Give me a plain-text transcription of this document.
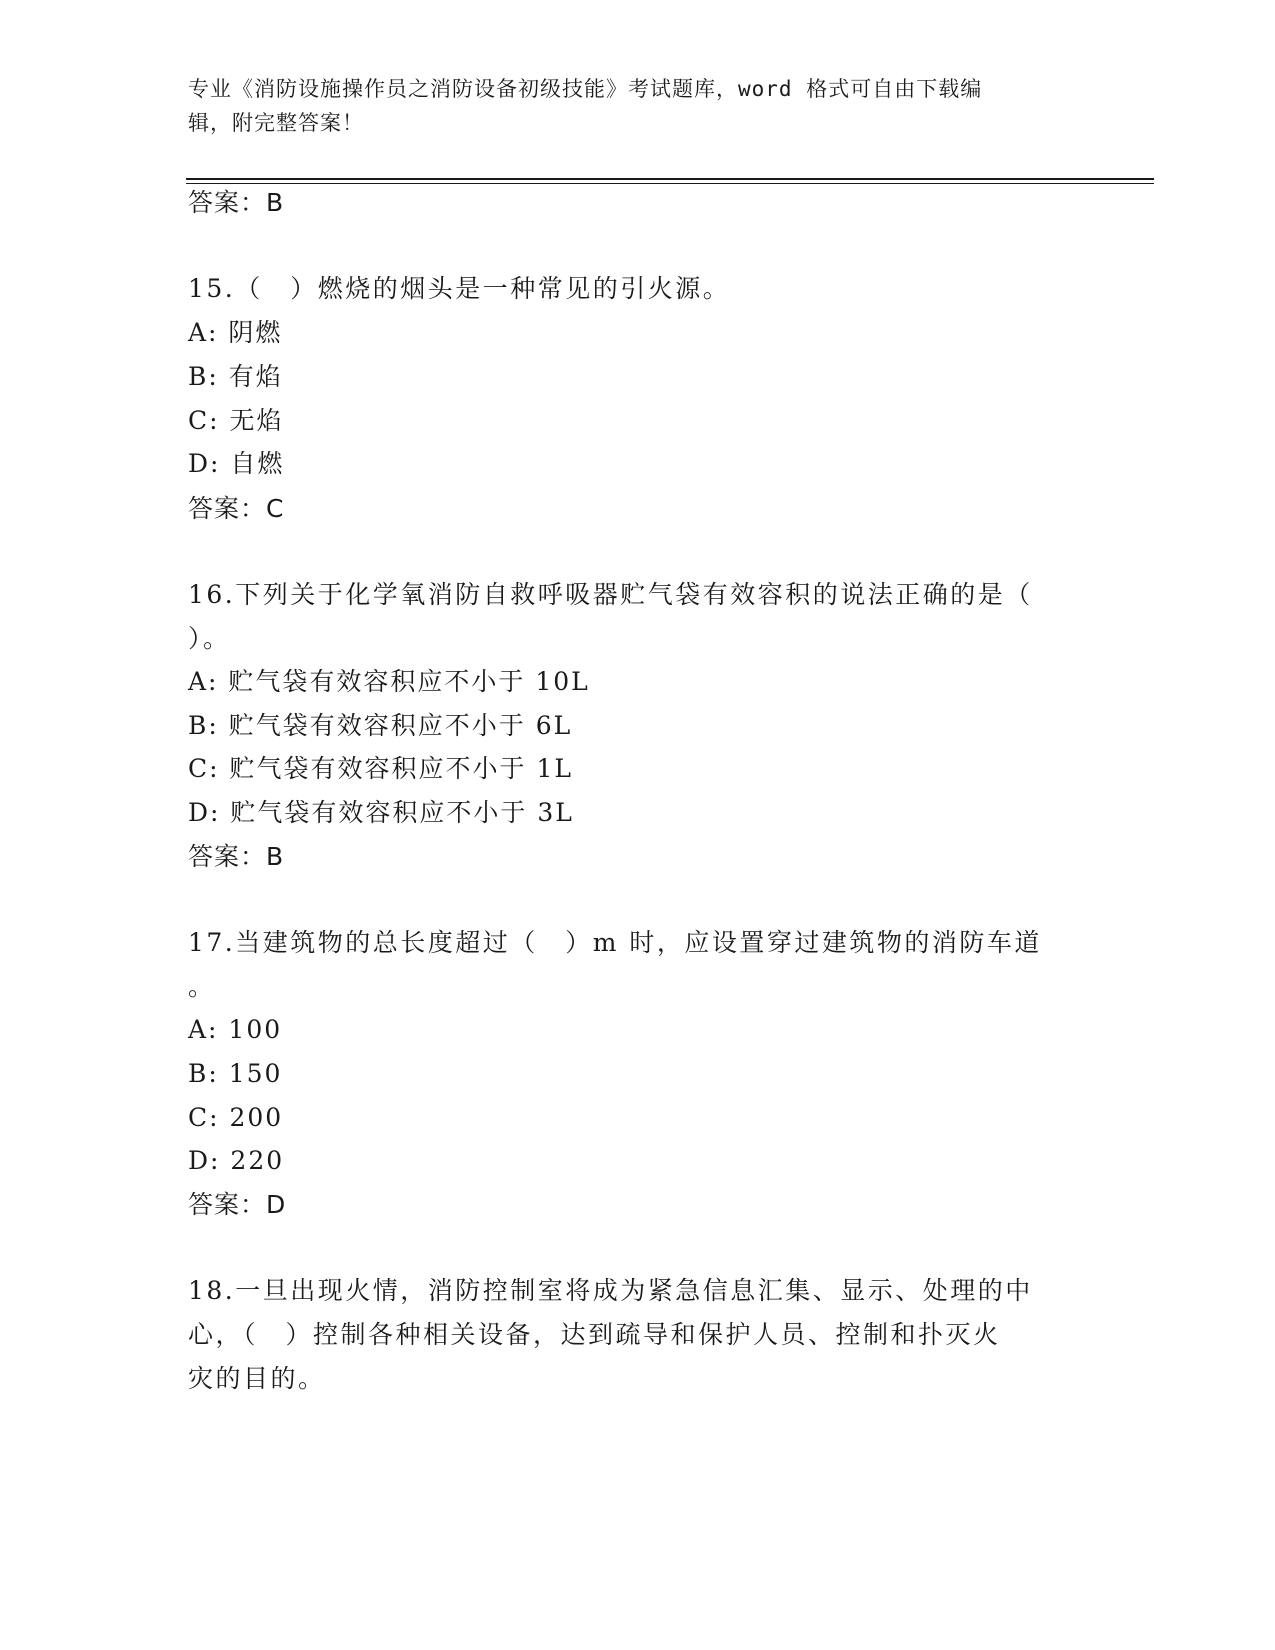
专业《消防设施操作员之消防设备初级技能》考试题库，word 格式可自由下载编
辑，附完整答案！
答案：B
15.（　）燃烧的烟头是一种常见的引火源。
A: 阴燃
B: 有焰
C: 无焰
D: 自燃
答案：C
16.下列关于化学氧消防自救呼吸器贮气袋有效容积的说法正确的是（
）。
A: 贮气袋有效容积应不小于 10L
B: 贮气袋有效容积应不小于 6L
C: 贮气袋有效容积应不小于 1L
D: 贮气袋有效容积应不小于 3L
答案：B
17.当建筑物的总长度超过（　）m 时，应设置穿过建筑物的消防车道
。
A: 100
B: 150
C: 200
D: 220
答案：D
18.一旦出现火情，消防控制室将成为紧急信息汇集、显示、处理的中
心，（　）控制各种相关设备，达到疏导和保护人员、控制和扑灭火
灾的目的。
